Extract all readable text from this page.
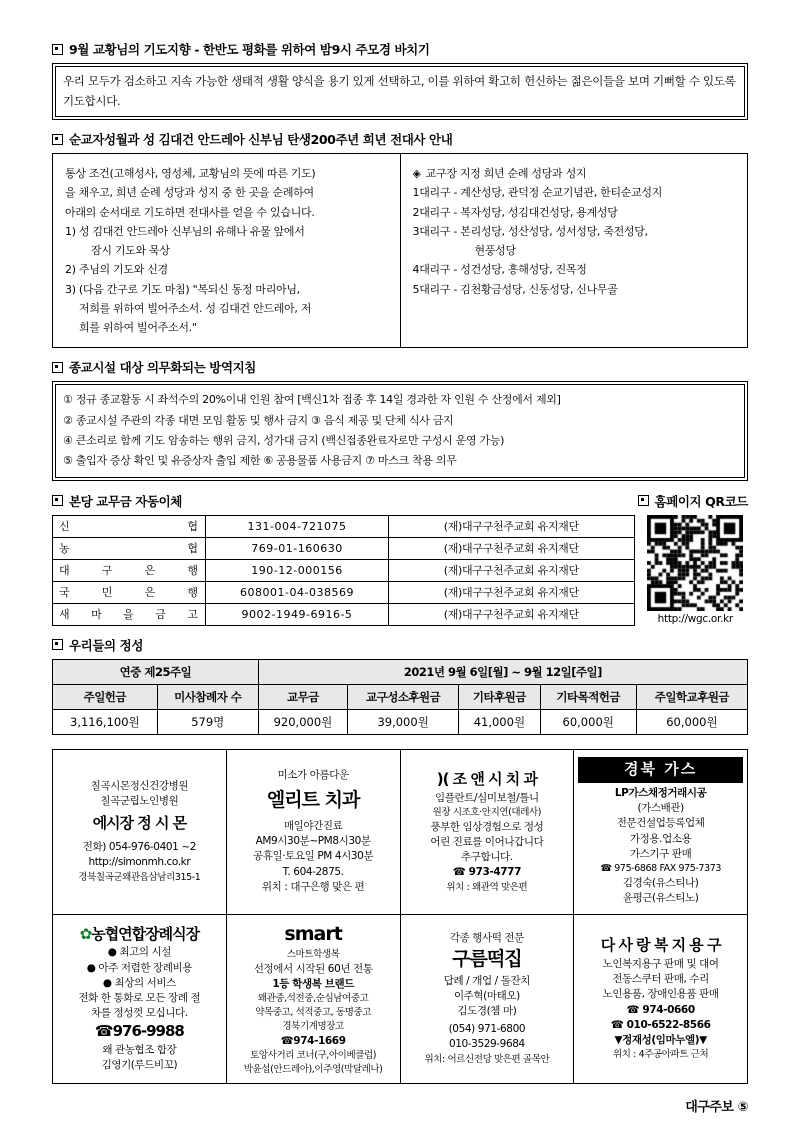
9월 교황님의 기도지향 - 한반도 평화를 위하여 밤9시 주모경 바치기
우리 모두가 검소하고 지속 가능한 생태적 생활 양식을 용기 있게 선택하고, 이를 위하여 확고히 헌신하는 젊은이들을 보며 기뻐할 수 있도록 기도합시다.
순교자성월과 성 김대건 안드레아 신부님 탄생200주년 희년 전대사 안내
통상 조건(고해성사, 영성체, 교황님의 뜻에 따른 기도)
을 채우고, 희년 순례 성당과 성지 중 한 곳을 순례하여
아래의 순서대로 기도하면 전대사를 얻을 수 있습니다.
1) 성 김대건 안드레아 신부님의 유해나 유물 앞에서
잠시 기도와 묵상
2) 주님의 기도와 신경
3) (다음 간구로 기도 마침) "복되신 동정 마리아님,
저희를 위하여 빌어주소서. 성 김대건 안드레아, 저
희를 위하여 빌어주소서."
◈ 교구장 지정 희년 순례 성당과 성지
1대리구 - 계산성당, 관덕정 순교기념관, 한티순교성지
2대리구 - 복자성당, 성김대건성당, 용계성당
3대리구 - 본리성당, 성산성당, 성서성당, 죽전성당,
현풍성당
4대리구 - 성건성당, 흥해성당, 진목정
5대리구 - 김천황금성당, 신동성당, 신나무골
종교시설 대상 의무화되는 방역지침
① 정규 종교활동 시 좌석수의 20%이내 인원 참여 [백신1차 접종 후 14일 경과한 자 인원 수 산정에서 제외]
② 종교시설 주관의 각종 대면 모임 활동 및 행사 금지 ③ 음식 제공 및 단체 식사 금지
④ 큰소리로 함께 기도 암송하는 행위 금지, 성가대 금지 (백신접종완료자로만 구성시 운영 가능)
⑤ 출입자 증상 확인 및 유증상자 출입 제한 ⑥ 공용물품 사용금지 ⑦ 마스크 착용 의무
본당 교무금 자동이체	홈페이지 QR코드
신 협	131-004-721075	(재)대구구천주교회 유지재단
농 협	769-01-160630	(재)대구구천주교회 유지재단
대 구 은 행	190-12-000156	(재)대구구천주교회 유지재단
국 민 은 행	608001-04-038569	(재)대구구천주교회 유지재단
새 마 을 금 고	9002-1949-6916-5	(재)대구구천주교회 유지재단	http://wgc.or.kr
우리들의 정성
연중 제25주일		2021년 9월 6일[월] ~ 9월 12일[주일]				
주일헌금	미사참례자 수	교무금	교구성소후원금	기타후원금	기타목적헌금	주일학교후원금
3,116,100원	579명	920,000원	39,000원	41,000원	60,000원	60,000원
칠곡시몬정신건강병원
칠곡군립노인병원
에시장 정 시 몬
전화) 054-976-0401 ~2
http://simonmh.co.kr
경북칠곡군왜관읍삼남리315-1

미소가 아름다운
엘리트 치과
매일야간진료
AM9시30분~PM8시30분
공휴일·토요일 PM 4시30분
T. 604-2875.
위치 : 대구은행 맞은 편

)( 조 앤 시 치 과
임플란트/심미보철/틀니
원장 시조호·안지연(대레사)
풍부한 임상경험으로 정성
어린 진료를 이어나갑니다
추구합니다.
☎ 973-4777
위치 : 왜관역 맞은편

경북 가스
LP가스채정거래시공
(가스배관)
전문건설업등록업체
가정용.업소용
가스기구 판매
☎ 975-6868 FAX 975-7373
김경숙(유스티나)
윤평근(유스티노)

✿농협연합장례식장
● 최고의 시설
● 아주 저렴한 장례비용
● 최상의 서비스
전화 한 통화로 모든 장례 절
차를 정성껏 모십니다.
☎976-9988
왜 관농협조 합장
김영기(루드비꼬)

smart
스마트학생복
선정에서 시작된 60년 전통
1등 학생복 브랜드
왜관중,석전중,순심남여중고
약목중고, 석적중고, 동명중고
경북기계명장고
☎974-1669
토앙사거리 코너(구,아이베클럽)
박윤섭(안드레아),이주영(막달레나)

각종 행사떡 전문
구름떡집
답례 / 개업 / 돌잔치
이주혁(마태오)
김도경(쳄 마)
(054) 971-6800
010-3529-9684
위치: 어르신전당 맞은편 골목안

다 사 랑 복 지 용 구
노인복지용구 판매 및 대여
전동스쿠터 판매, 수리
노인용품, 장애인용품 판매
☎ 974-0660
☎ 010-6522-8566
▼정재성(임마누엘)▼
위치 : 4주공아파트 근처
대구주보 ⑤
